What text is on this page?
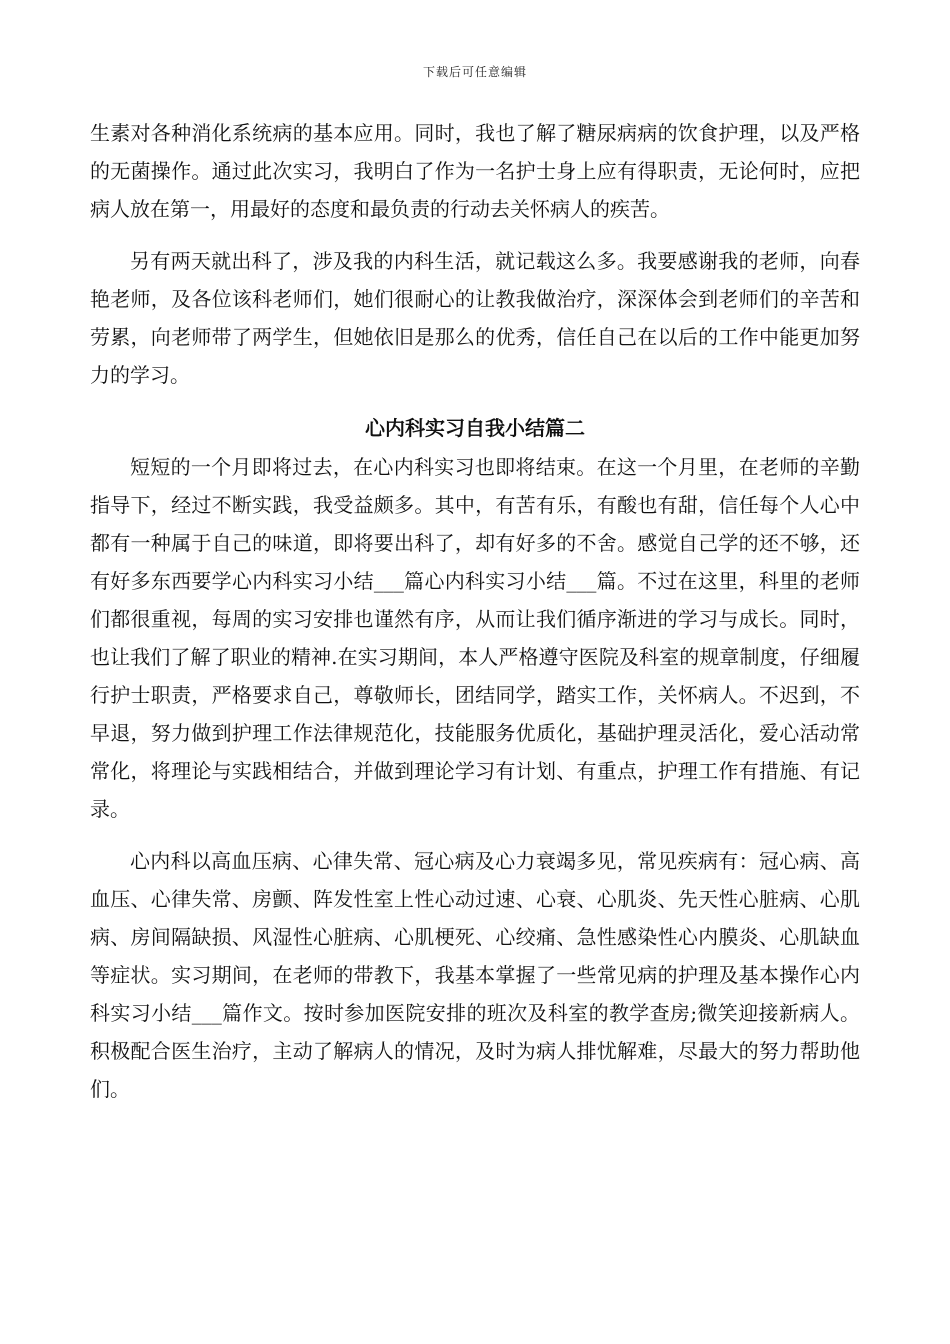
下载后可任意编辑

生素对各种消化系统病的基本应用。同时，我也了解了糖尿病病的饮食护理，以及严格的无菌操作。通过此次实习，我明白了作为一名护士身上应有得职责，无论何时，应把病人放在第一，用最好的态度和最负责的行动去关怀病人的疾苦。

另有两天就出科了，涉及我的内科生活，就记载这么多。我要感谢我的老师，向春艳老师，及各位该科老师们，她们很耐心的让教我做治疗，深深体会到老师们的辛苦和劳累，向老师带了两学生，但她依旧是那么的优秀，信任自己在以后的工作中能更加努力的学习。

心内科实习自我小结篇二

短短的一个月即将过去，在心内科实习也即将结束。在这一个月里，在老师的辛勤指导下，经过不断实践，我受益颇多。其中，有苦有乐，有酸也有甜，信任每个人心中都有一种属于自己的味道，即将要出科了，却有好多的不舍。感觉自己学的还不够，还有好多东西要学心内科实习小结___篇心内科实习小结___篇。不过在这里，科里的老师们都很重视，每周的实习安排也谨然有序，从而让我们循序渐进的学习与成长。同时，也让我们了解了职业的精神.在实习期间，本人严格遵守医院及科室的规章制度，仔细履行护士职责，严格要求自己，尊敬师长，团结同学，踏实工作，关怀病人。不迟到，不早退，努力做到护理工作法律规范化，技能服务优质化，基础护理灵活化，爱心活动常常化，将理论与实践相结合，并做到理论学习有计划、有重点，护理工作有措施、有记录。

心内科以高血压病、心律失常、冠心病及心力衰竭多见，常见疾病有：冠心病、高血压、心律失常、房颤、阵发性室上性心动过速、心衰、心肌炎、先天性心脏病、心肌病、房间隔缺损、风湿性心脏病、心肌梗死、心绞痛、急性感染性心内膜炎、心肌缺血等症状。实习期间，在老师的带教下，我基本掌握了一些常见病的护理及基本操作心内科实习小结___篇作文。按时参加医院安排的班次及科室的教学查房;微笑迎接新病人。积极配合医生治疗，主动了解病人的情况，及时为病人排忧解难，尽最大的努力帮助他们。
